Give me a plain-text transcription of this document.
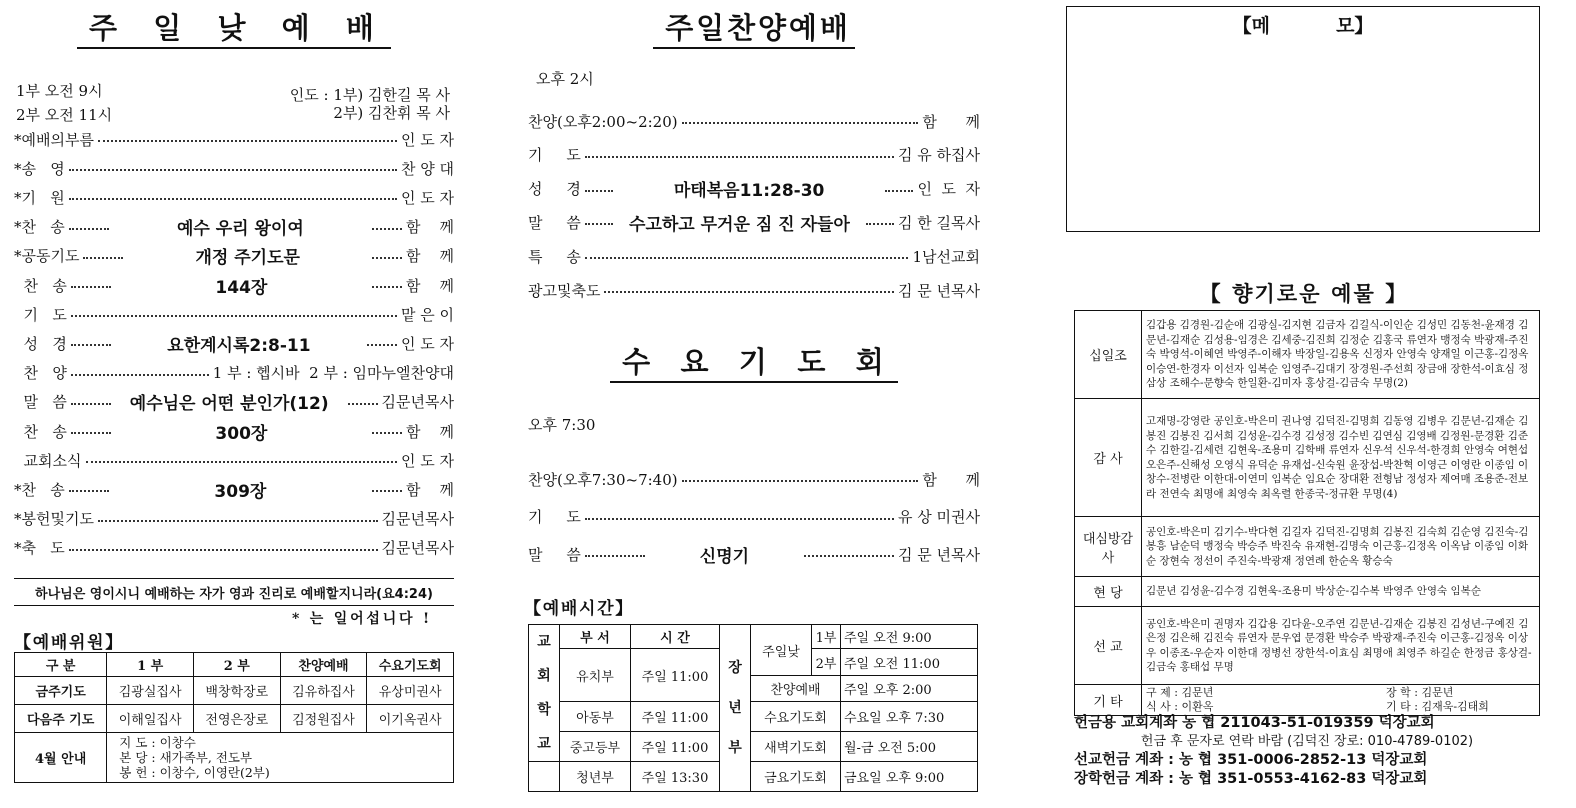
주 일 낮 예 배
1부 오전 9시
2부 오전 11시
인도 : 1부) 김한길 목 사
2부) 김찬휘 목 사
*예배의부름	인 도 자
*송   영	찬 양 대
*기   원	인 도 자
*찬   송	예수 우리 왕이여	함    께
*공동기도	개정 주기도문	함    께
찬   송	144장	함    께
기   도	맡 은 이
성   경	요한계시록2:8-11	인 도 자
찬   양	1 부 : 헵시바  2 부 : 임마누엘찬양대
말   씀	예수님은 어떤 분인가(12)	김문년목사
찬   송	300장	함    께
교회소식	인 도 자
*찬   송	309장	함    께
*봉헌및기도	김문년목사
*축   도	김문년목사
하나님은 영이시니 예배하는 자가 영과 진리로 예배할지니라(요4:24)
* 는 일어섭니다 !
【예배위원】
구 분	1 부	2 부	찬양예배	수요기도회
금주기도	김광실집사	백창학장로	김유하집사	유상미권사
다음주 기도	이해일집사	전영은장로	김정원집사	이기옥권사
4월 안내	지 도 : 이창수
본 당 : 새가족부, 전도부
봉 헌 : 이창수, 이영란(2부)			
주일찬양예배
오후 2시
찬양(오후2:00~2:20)	함      께
기     도	김 유 하집사
성     경	마태복음11:28-30	인  도  자
말     씀	수고하고 무거운 짐 진 자들아	김 한 길목사
특     송	1남선교회
광고및축도	김 문 년목사
수 요 기 도 회
오후 7:30
찬양(오후7:30~7:40)	함      께
기     도	유 상 미권사
말     씀	신명기	김 문 년목사
【예배시간】
교회학교	부 서	시 간	장년부	주일낮	1부	주일 오전 9:00
	유치부	주일 11:00			2부	주일 오전 11:00
				찬양예배		주일 오후 2:00
	아동부	주일 11:00		수요기도회		수요일 오후 7:30
	중고등부	주일 11:00		새벽기도회		월-금 오전 5:00
	청년부	주일 13:30		금요기도회		금요일 오후 9:00
【메          모】
【 향기로운 예물 】
십일조	김갑용 김경원-김순애 김광실-김지현 김금자 김길식-이인순 김성민 김동천-윤재경 김문년-김재순 김성용-임경은 김세중-김진희 김정순 김홍국 류연자 맹정숙 박광재-주진숙 박영석-이혜연 박영주-이해자 박장일-김용옥 신정자 안영숙 양재일 이근홍-김정옥 이승연-한경자 이선자 임복순 임영주-김대기 장경원-주선희 장금애 장한석-이효심 정삼상 조해수-문향숙 한일환-김미자 홍상걸-김금숙 무명(2)
감 사	고재명-강영란 공인호-박은미 권나영 김덕진-김명희 김동영 김병우 김문년-김재순 김봉진 김봉진 김서희 김성윤-김수경 김성정 김수빈 김연심 김영배 김정원-문경환 김준수 김한길-김세련 김현욱-조용미 김학배 류연자 신우석 신우석-한경희 안영숙 여현섭 오은주-신해성 오영식 유덕순 유재섭-신숙원 윤장섭-박찬혁 이영근 이영란 이종임 이창수-전병란 이한대-이연미 임복순 임요순 장대환 전형남 정성자 제여매 조용준-전보라 전연숙 최명애 최영숙 최옥렬 한종국-정규환 무명(4)
대심방감사	공인호-박은미 김기수-박다현 김길자 김덕진-김명희 김봉진 김숙희 김순영 김진숙-김봉흥 남순덕 맹정숙 박승주 박진숙 유재현-김명숙 이근홍-김정옥 이옥남 이종임 이화순 장현숙 정선이 주진숙-박광재 정연례 한순옥 황승숙
현 당	김문년 김성윤-김수경 김현욱-조용미 박상순-김수복 박영주 안영숙 임복순
선 교	공인호-박은미 권명자 김갑용 김다윤-오주연 김문년-김재순 김봉진 김성년-구예진 김은정 김은해 김진숙 류연자 문우엽 문경환 박승주 박광재-주진숙 이근홍-김정옥 이상우 이종조-우순자 이한대 정병선 장한석-이효심 최명애 최영주 하길순 한정금 홍상걸-김금숙 홍태섭 무명
기 타	구 제 : 김문년 장 학 : 김문년
식 사 : 이환옥 기 타 : 김재욱-김태희
헌금용 교회계좌 농 협 211043-51-019359 덕장교회
헌금 후 문자로 연락 바람 (김덕진 장로: 010-4789-0102)
선교헌금 계좌 : 농 협 351-0006-2852-13 덕장교회
장학헌금 계좌 : 농 협 351-0553-4162-83 덕장교회
